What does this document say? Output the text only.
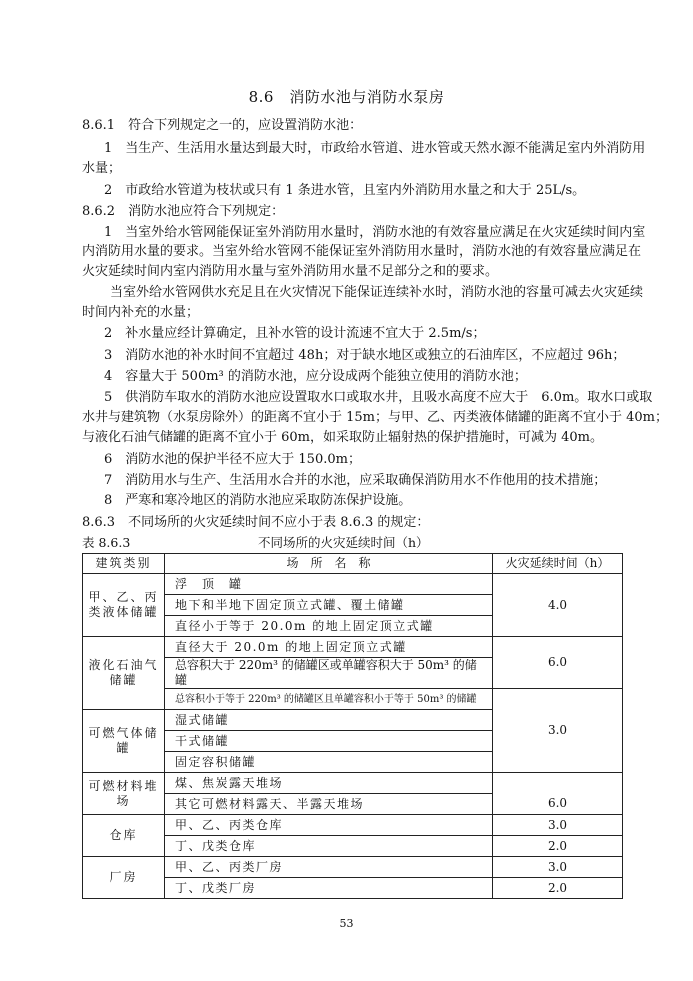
8.6　消防水池与消防水泵房
8.6.1　符合下列规定之一的，应设置消防水池：
1　当生产、生活用水量达到最大时，市政给水管道、进水管或天然水源不能满足室内外消防用
水量；
2　市政给水管道为枝状或只有 1 条进水管，且室内外消防用水量之和大于 25L/s。
8.6.2　消防水池应符合下列规定：
1　当室外给水管网能保证室外消防用水量时，消防水池的有效容量应满足在火灾延续时间内室
内消防用水量的要求。当室外给水管网不能保证室外消防用水量时，消防水池的有效容量应满足在
火灾延续时间内室内消防用水量与室外消防用水量不足部分之和的要求。
当室外给水管网供水充足且在火灾情况下能保证连续补水时，消防水池的容量可减去火灾延续
时间内补充的水量；
2　补水量应经计算确定，且补水管的设计流速不宜大于 2.5m/s；
3　消防水池的补水时间不宜超过 48h；对于缺水地区或独立的石油库区，不应超过 96h；
4　容量大于 500m³ 的消防水池，应分设成两个能独立使用的消防水池；
5　供消防车取水的消防水池应设置取水口或取水井，且吸水高度不应大于　6.0m。取水口或取
水井与建筑物（水泵房除外）的距离不宜小于 15m；与甲、乙、丙类液体储罐的距离不宜小于 40m；
与液化石油气储罐的距离不宜小于 60m，如采取防止辐射热的保护措施时，可减为 40m。
6　消防水池的保护半径不应大于 150.0m；
7　消防用水与生产、生活用水合并的水池，应采取确保消防用水不作他用的技术措施；
8　严寒和寒冷地区的消防水池应采取防冻保护设施。
8.6.3　不同场所的火灾延续时间不应小于表 8.6.3 的规定：
表 8.6.3	不同场所的火灾延续时间（h）
建筑类别	场　所　名　称	火灾延续时间（h）
甲、乙、丙类液体储罐	浮　顶　罐	4.0
	地下和半地下固定顶立式罐、覆土储罐	
	直径小于等于 20.0m 的地上固定顶立式罐	
液化石油气储罐	直径大于 20.0m 的地上固定顶立式罐	6.0
	总容积大于 220m³ 的储罐区或单罐容积大于 50m³ 的储罐	
	总容积小于等于 220m³ 的储罐区且单罐容积小于等于 50m³ 的储罐	3.0
可燃气体储罐	湿式储罐	
	干式储罐	
	固定容积储罐	
可燃材料堆场	煤、焦炭露天堆场	
	其它可燃材料露天、半露天堆场	6.0
仓库	甲、乙、丙类仓库	3.0
	丁、戊类仓库	2.0
厂房	甲、乙、丙类厂房	3.0
	丁、戊类厂房	2.0
53
